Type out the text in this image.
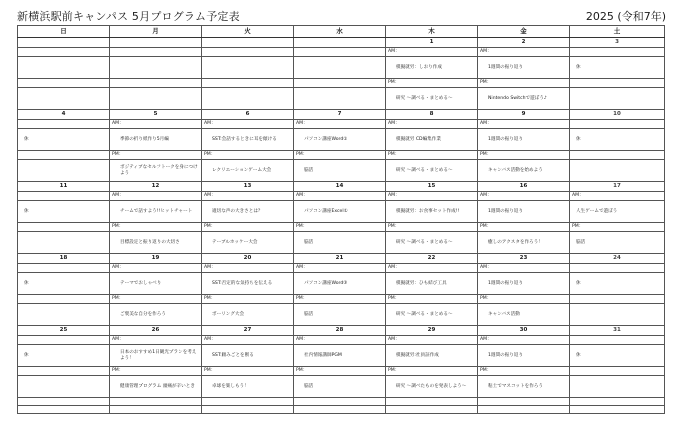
新横浜駅前キャンパス 5月プログラム予定表	2025 (令和7年)
日	月	火	水	木	金	土
				1	2	3
				AM：	AM：	
				模擬就労：しおり作成	1週間の振り返り	休
				PM：	PM：	
				研究 〜調べる・まとめる〜	Nintendo Switchで遊ぼう♪	
4	5	6	7	8	9	10
	AM：	AM：	AM：	AM：	AM：	
休	季節の折り紙作り5月編	SST:会話するときに耳を傾ける	パソコン講座Word①	模擬就労 CD編集作業	1週間の振り返り	休
	PM：	PM：	PM：	PM：	PM：	
	ポジティブなセルフトークを身につけよう	レクリエーションゲーム大会	脳活	研究 〜調べる・まとめる〜	キャンバス活動を始めよう	
11	12	13	14	15	16	17
	AM：	AM：	AM：	AM：	AM：	AM：
休	チームで話すよう!!ヒットチャート	適切な声の大きさとは？	パソコン講座Excel①	模擬就労：お食事セット作成!!	1週間の振り返り	人生ゲームで遊ぼう
	PM：	PM：	PM：	PM：	PM：	PM：
	目標設定と振り返りの大切さ	テーブルホッケー大会	脳活	研究 〜調べる・まとめる〜	癒しのアクスタを作ろう！	脳活
18	19	20	21	22	23	24
	AM：	AM：	AM：	AM：	AM：	
休	テーマでおしゃべり	SST:否定的な気持ちを伝える	パソコン講座Word③	模擬就労：ひも結び工具	1週間の振り返り	休
	PM：	PM：	PM：	PM：	PM：	
	ご褒美な自分を作ろう	ボーリング大会	脳活	研究 〜調べる・まとめる〜	キャンバス活動	
25	26	27	28	29	30	31
	AM：	AM：	AM：	AM：	AM：	
休	日本のおすすめ1日観光プランを考えよう！	SST:頼みごとを断る	社内情報講師PGM	模擬就労:社員証作成	1週間の振り返り	休
	PM：	PM：	PM：	PM：	PM：	
	健康管理プログラム 頭痛が辛いとき	卓球を楽しもう！	脳活	研究 〜調べたものを発表しよう〜	粘土でマスコットを作ろう	
